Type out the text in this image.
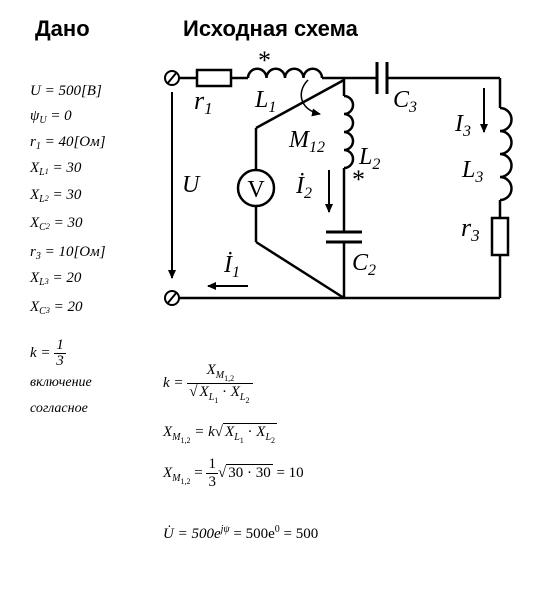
Дано	Исходная схема
U = 500[B]
$\psi_U = 0$
$r_1 = 40[Ом]$
$X_L1 = 30$
$X_L2 = 30$
$X_C2 = 30$
$r_3 = 10[Ом]$
$X_L3 = 20$
$X_C3 = 20$
$k = \frac{1}{3}$
включение
согласное
V
r1 $L_1$
*
$C_3$
$M_{12}$ $L_2$
*
$İ_2$
$I_3$
$L_3$
r3
U
$İ_1$	$C_2$
$k = \frac{X_{M_{1,2}}}{√ X_{L_1} \cdot X_{L_2}}$
$X_{M_{1,2}} = k√$ $X_{L_1} \cdot X_{L_2}$
$X_{M_{1,2}} = \frac{1}{3}$ √ 30 · 30 = 10
U̇ = $500e^{j\psi} = 500e^0 = 500$
